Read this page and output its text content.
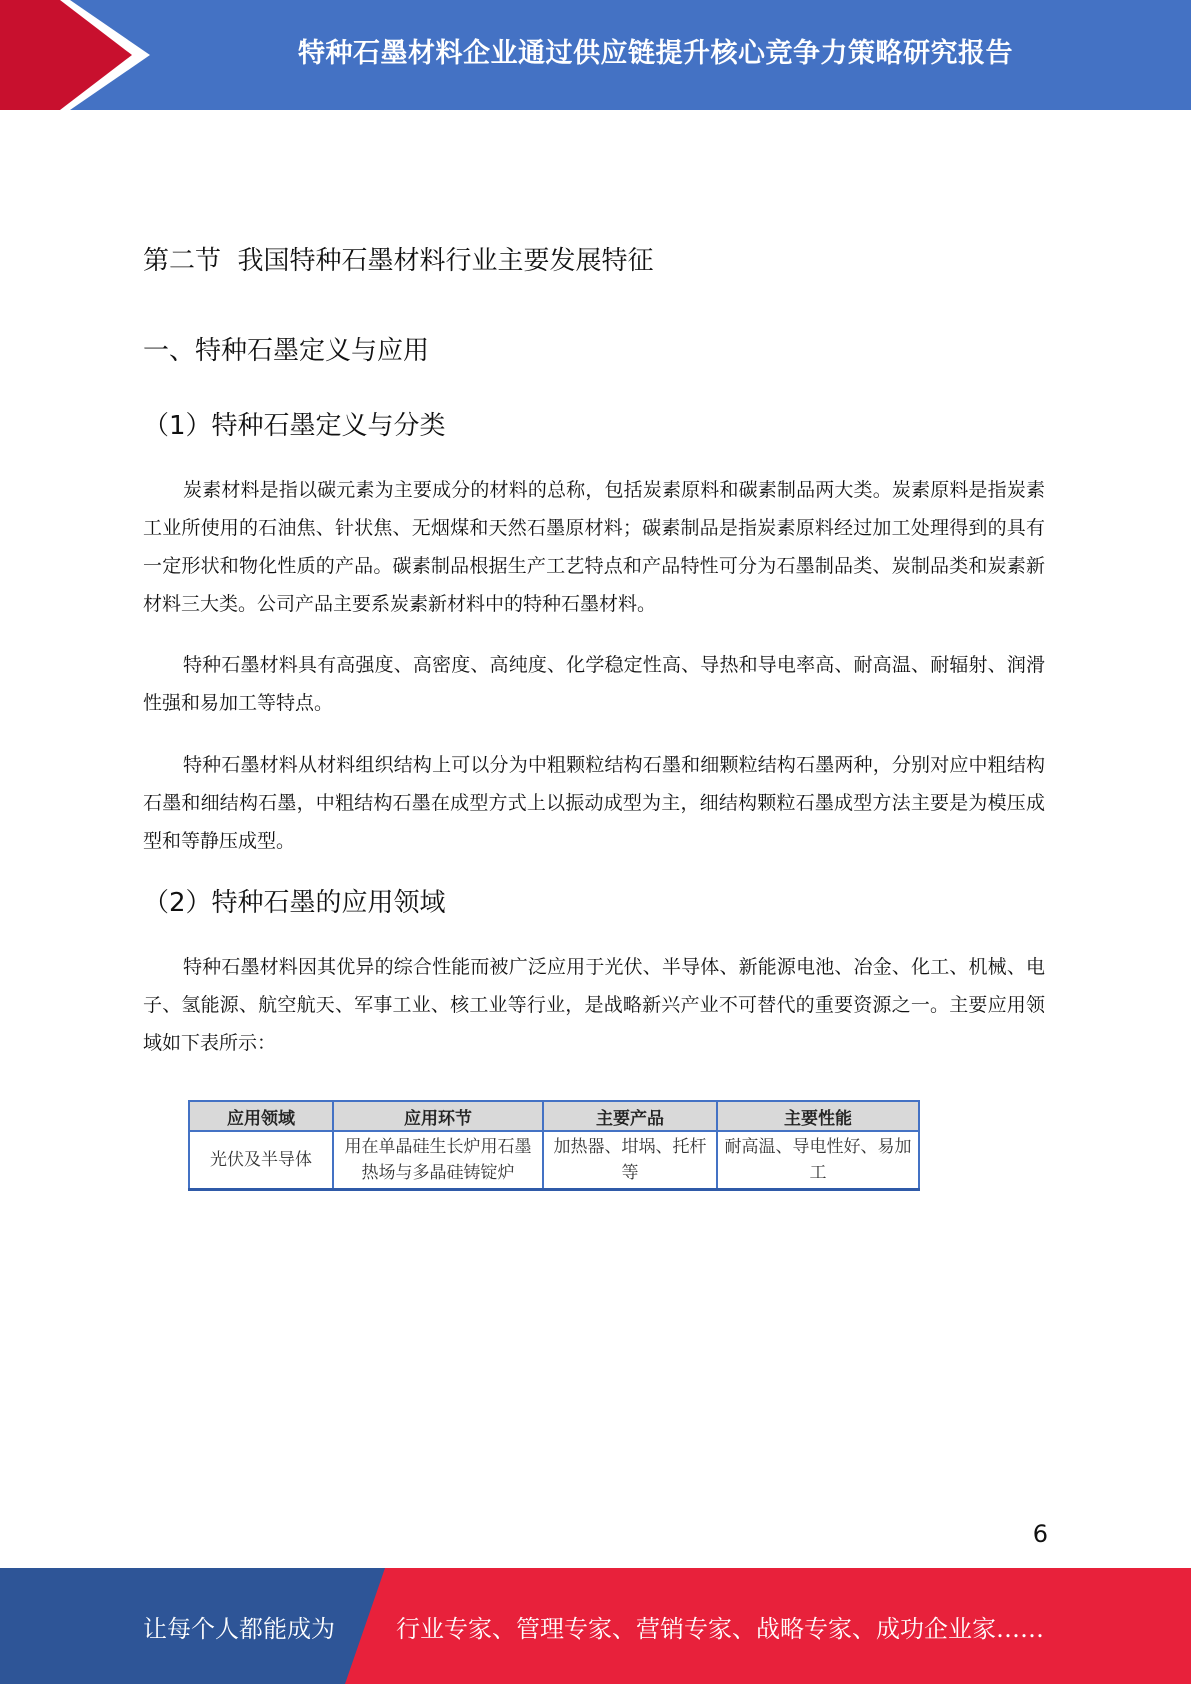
特种石墨材料企业通过供应链提升核心竞争力策略研究报告
第二节  我国特种石墨材料行业主要发展特征
一、特种石墨定义与应用
（1）特种石墨定义与分类

炭素材料是指以碳元素为主要成分的材料的总称，包括炭素原料和碳素制品两大类。炭素原料是指炭素工业所使用的石油焦、针状焦、无烟煤和天然石墨原材料；碳素制品是指炭素原料经过加工处理得到的具有一定形状和物化性质的产品。碳素制品根据生产工艺特点和产品特性可分为石墨制品类、炭制品类和炭素新材料三大类。公司产品主要系炭素新材料中的特种石墨材料。

特种石墨材料具有高强度、高密度、高纯度、化学稳定性高、导热和导电率高、耐高温、耐辐射、润滑性强和易加工等特点。

特种石墨材料从材料组织结构上可以分为中粗颗粒结构石墨和细颗粒结构石墨两种，分别对应中粗结构石墨和细结构石墨，中粗结构石墨在成型方式上以振动成型为主，细结构颗粒石墨成型方法主要是为模压成型和等静压成型。

（2）特种石墨的应用领域

特种石墨材料因其优异的综合性能而被广泛应用于光伏、半导体、新能源电池、冶金、化工、机械、电子、氢能源、航空航天、军事工业、核工业等行业，是战略新兴产业不可替代的重要资源之一。主要应用领域如下表所示：

应用领域	应用环节	主要产品	主要性能
光伏及半导体	用在单晶硅生长炉用石墨热场与多晶硅铸锭炉	加热器、坩埚、托杆等	耐高温、导电性好、易加工
6
让每个人都能成为	行业专家、管理专家、营销专家、战略专家、成功企业家……
